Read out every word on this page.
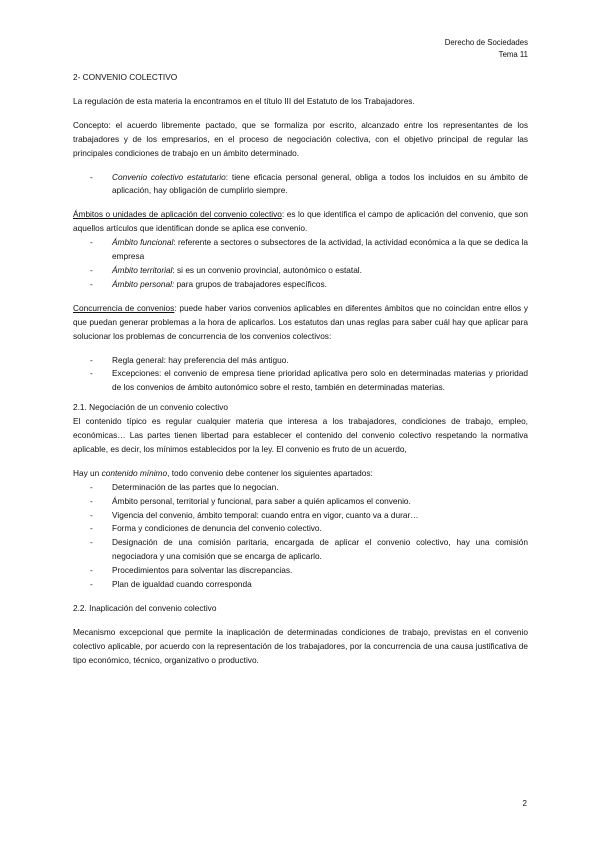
Derecho de Sociedades
Tema 11
2- CONVENIO COLECTIVO

La regulación de esta materia la encontramos en el título III del Estatuto de los Trabajadores.

Concepto: el acuerdo libremente pactado, que se formaliza por escrito, alcanzado entre los representantes de los trabajadores y de los empresarios, en el proceso de negociación colectiva, con el objetivo principal de regular las principales condiciones de trabajo en un ámbito determinado.

- Convenio colectivo estatutario: tiene eficacia personal general, obliga a todos los incluidos en su ámbito de aplicación, hay obligación de cumplirlo siempre.

Ámbitos o unidades de aplicación del convenio colectivo: es lo que identifica el campo de aplicación del convenio, que son aquellos artículos que identifican donde se aplica ese convenio.

- Ámbito funcional: referente a sectores o subsectores de la actividad, la actividad económica a la que se dedica la empresa
- Ámbito territorial: si es un convenio provincial, autonómico o estatal.
- Ámbito personal: para grupos de trabajadores específicos.

Concurrencia de convenios: puede haber varios convenios aplicables en diferentes ámbitos que no coincidan entre ellos y que puedan generar problemas a la hora de aplicarlos. Los estatutos dan unas reglas para saber cuál hay que aplicar para solucionar los problemas de concurrencia de los convenios colectivos:

- Regla general: hay preferencia del más antiguo.
- Excepciones: el convenio de empresa tiene prioridad aplicativa pero solo en determinadas materias y prioridad de los convenios de ámbito autonómico sobre el resto, también en determinadas materias.
2.1. Negociación de un convenio colectivo

El contenido típico es regular cualquier materia que interesa a los trabajadores, condiciones de trabajo, empleo, económicas… Las partes tienen libertad para establecer el contenido del convenio colectivo respetando la normativa aplicable, es decir, los mínimos establecidos por la ley. El convenio es fruto de un acuerdo,

Hay un contenido mínimo, todo convenio debe contener los siguientes apartados:

- Determinación de las partes que lo negocian.
- Ámbito personal, territorial y funcional, para saber a quién aplicamos el convenio.
- Vigencia del convenio, ámbito temporal: cuando entra en vigor, cuanto va a durar…
- Forma y condiciones de denuncia del convenio colectivo.
- Designación de una comisión paritaria, encargada de aplicar el convenio colectivo, hay una comisión negociadora y una comisión que se encarga de aplicarlo.
- Procedimientos para solventar las discrepancias.
- Plan de igualdad cuando corresponda
2.2. Inaplicación del convenio colectivo

Mecanismo excepcional que permite la inaplicación de determinadas condiciones de trabajo, previstas en el convenio colectivo aplicable, por acuerdo con la representación de los trabajadores, por la concurrencia de una causa justificativa de tipo económico, técnico, organizativo o productivo.

2
